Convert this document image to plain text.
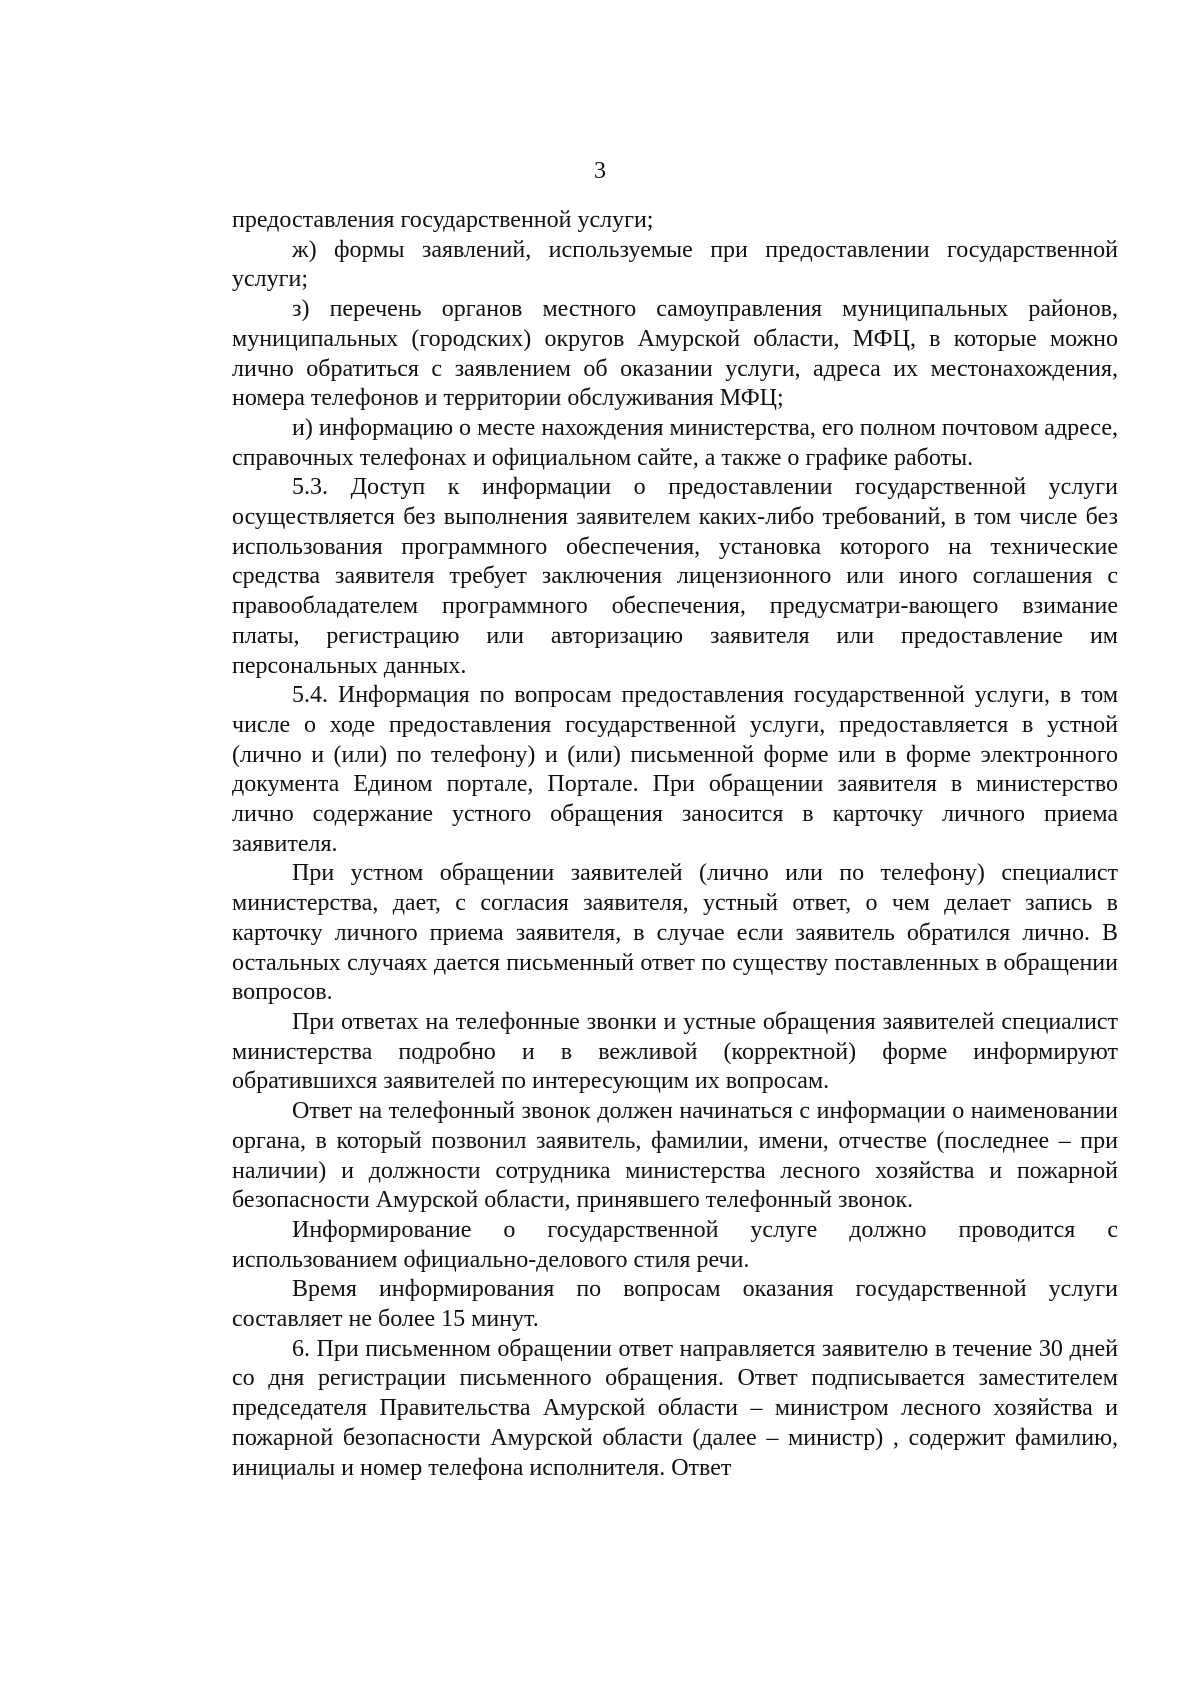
3

предоставления государственной услуги;

ж) формы заявлений, используемые при предоставлении государственной услуги;

з) перечень органов местного самоуправления муниципальных районов, муниципальных (городских) округов Амурской области, МФЦ, в которые можно лично обратиться с заявлением об оказании услуги, адреса их местонахождения, номера телефонов и территории обслуживания МФЦ;

и) информацию о месте нахождения министерства, его полном почтовом адресе, справочных телефонах и официальном сайте, а также о графике работы.

5.3. Доступ к информации о предоставлении государственной услуги осуществляется без выполнения заявителем каких-либо требований, в том числе без использования программного обеспечения, установка которого на технические средства заявителя требует заключения лицензионного или иного соглашения с правообладателем программного обеспечения, предусматри-вающего взимание платы, регистрацию или авторизацию заявителя или предоставление им персональных данных.

5.4. Информация по вопросам предоставления государственной услуги, в том числе о ходе предоставления государственной услуги, предоставляется в устной (лично и (или) по телефону) и (или) письменной форме или в форме электронного документа Едином портале, Портале. При обращении заявителя в министерство лично содержание устного обращения заносится в карточку личного приема заявителя.

При устном обращении заявителей (лично или по телефону) специалист министерства, дает, с согласия заявителя, устный ответ, о чем делает запись в карточку личного приема заявителя, в случае если заявитель обратился лично. В остальных случаях дается письменный ответ по существу поставленных в обращении вопросов.

При ответах на телефонные звонки и устные обращения заявителей специалист министерства подробно и в вежливой (корректной) форме информируют обратившихся заявителей по интересующим их вопросам.

Ответ на телефонный звонок должен начинаться с информации о наименовании органа, в который позвонил заявитель, фамилии, имени, отчестве (последнее – при наличии) и должности сотрудника министерства лесного хозяйства и пожарной безопасности Амурской области, принявшего телефонный звонок.

Информирование о государственной услуге должно проводится с использованием официально-делового стиля речи.

Время информирования по вопросам оказания государственной услуги составляет не более 15 минут.

6. При письменном обращении ответ направляется заявителю в течение 30 дней со дня регистрации письменного обращения. Ответ подписывается заместителем председателя Правительства Амурской области – министром лесного хозяйства и пожарной безопасности Амурской области (далее – министр) , содержит фамилию, инициалы и номер телефона исполнителя. Ответ
